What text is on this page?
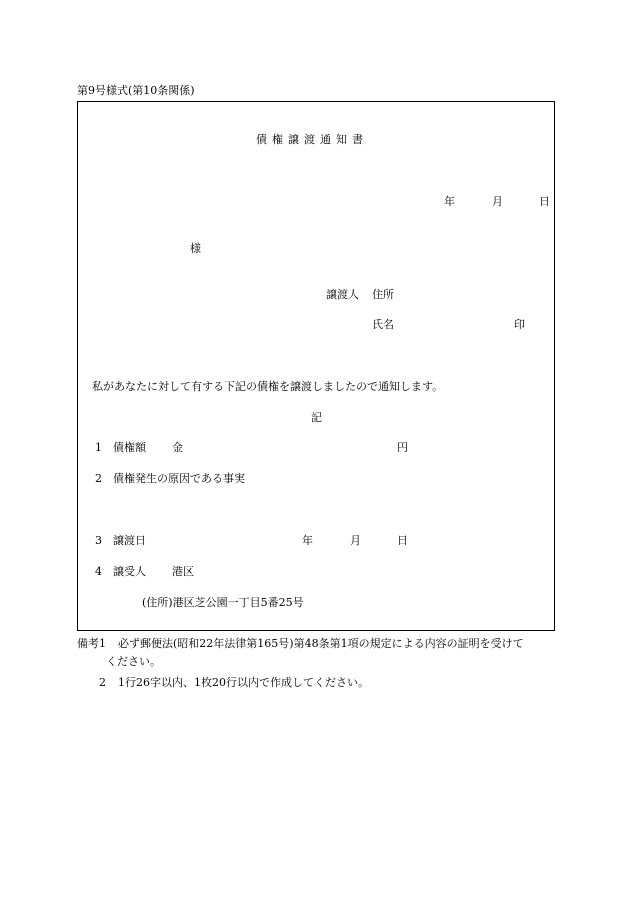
第9号様式(第10条関係)
債権譲渡通知書
年	月	日
様
譲渡人 住所
氏名	印
私があなたに対して有する下記の債権を譲渡しましたので通知します。
記
1 債権額 金	円
2 債権発生の原因である事実
3 譲渡日	年	月	日
4 譲受人 港区
(住所)港区芝公園一丁目5番25号
備考1 必ず郵便法(昭和22年法律第165号)第48条第1項の規定による内容の証明を受けて
ください。
2 1行26字以内、1枚20行以内で作成してください。
